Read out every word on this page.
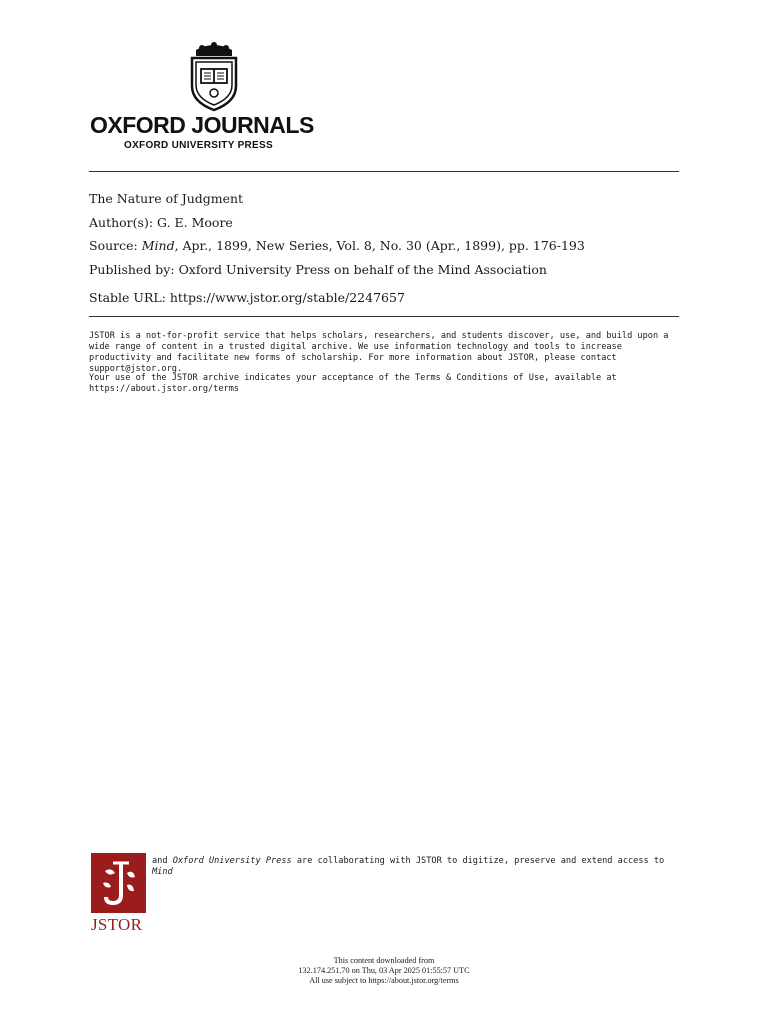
OXFORD JOURNALS
OXFORD UNIVERSITY PRESS
The Nature of Judgment
Author(s): G. E. Moore
Source: Mind, Apr., 1899, New Series, Vol. 8, No. 30 (Apr., 1899), pp. 176-193
Published by: Oxford University Press on behalf of the Mind Association
Stable URL: https://www.jstor.org/stable/2247657
JSTOR is a not-for-profit service that helps scholars, researchers, and students discover, use, and build upon a wide range of content in a trusted digital archive. We use information technology and tools to increase productivity and facilitate new forms of scholarship. For more information about JSTOR, please contact support@jstor.org.
Your use of the JSTOR archive indicates your acceptance of the Terms & Conditions of Use, available at https://about.jstor.org/terms
JSTOR
and Oxford University Press are collaborating with JSTOR to digitize, preserve and extend access to Mind
This content downloaded from
132.174.251.70 on Thu, 03 Apr 2025 01:55:57 UTC
All use subject to https://about.jstor.org/terms
